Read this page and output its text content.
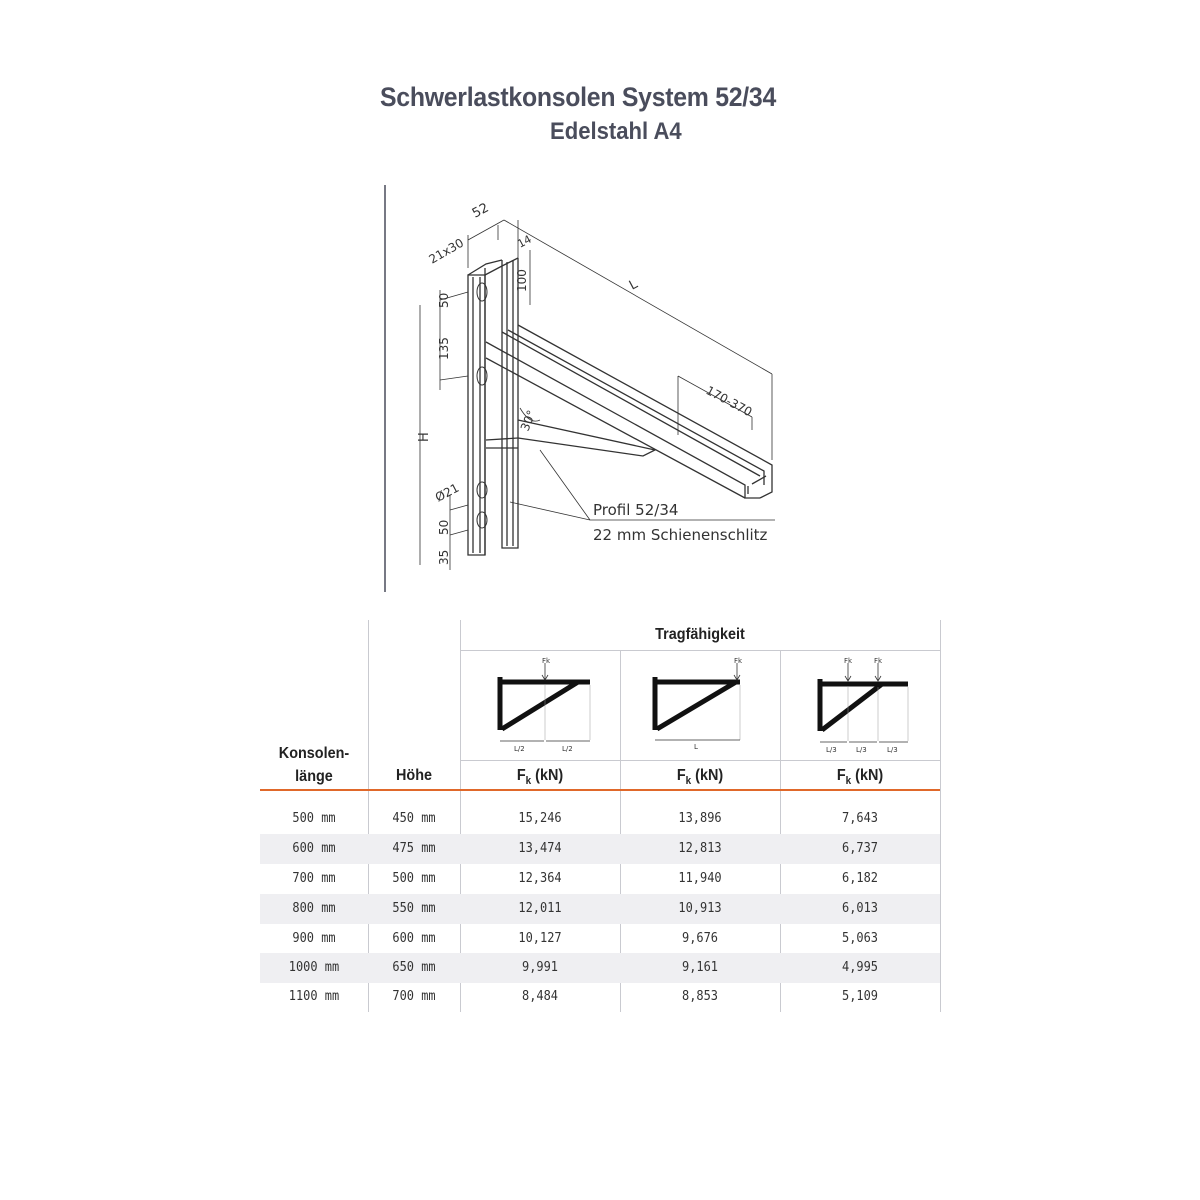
Schwerlastkonsolen System 52/34
Edelstahl A4
52
14
21x30
100	L
50
135
H
Ø21
50
35
170-370
30°
Profil 52/34
22 mm Schienenschlitz
Tragfähigkeit
Konsolen-
länge	Höhe	$F_k$ (kN)	$F_k$ (kN)	$F_k$ (kN)
Fk
L/2	L/2
Fk
L
Fk	Fk
L/3	L/3	L/3
500 mm	450 mm	15,246	13,896	7,643
600 mm	475 mm	13,474	12,813	6,737
700 mm	500 mm	12,364	11,940	6,182
800 mm	550 mm	12,011	10,913	6,013
900 mm	600 mm	10,127	9,676	5,063
1000 mm	650 mm	9,991	9,161	4,995
1100 mm	700 mm	8,484	8,853	5,109
